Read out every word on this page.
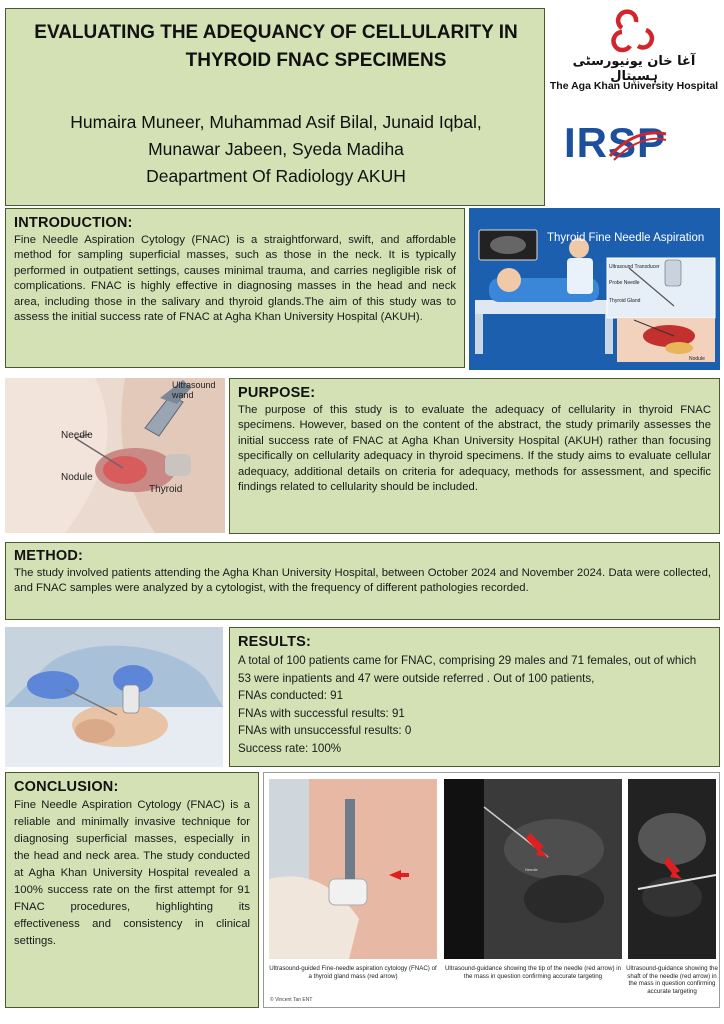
EVALUATING THE ADEQUANCY OF CELLULARITY IN
THYROID FNAC SPECIMENS
Humaira Muneer, Muhammad Asif Bilal, Junaid Iqbal,
Munawar Jabeen, Syeda Madiha
Deapartment Of Radiology AKUH
آغا خان یونیورسٹی ہسپتال
The Aga Khan University Hospital
IRSP
INTRODUCTION:
Fine Needle Aspiration Cytology (FNAC) is a straightforward, swift, and affordable method for sampling superficial masses, such as those in the neck. It is typically performed in outpatient settings, causes minimal trauma, and carries negligible risk of complications. FNAC is highly effective in diagnosing masses in the head and neck area, including those in the salivary and thyroid glands.The aim of this study was to assess the initial success rate of FNAC at Agha Khan University Hospital (AKUH).
Thyroid Fine Needle Aspiration
Ultrasound Transducer
Probe Needle
Thyroid Gland
Nodule
Ultrasound wand
Needle
Nodule
Thyroid
PURPOSE:
The purpose of this study is to evaluate the adequacy of cellularity in thyroid FNAC specimens. However, based on the content of the abstract, the study primarily assesses the initial success rate of FNAC at Agha Khan University Hospital (AKUH) rather than focusing specifically on cellularity adequacy in thyroid specimens. If the study aims to evaluate cellular adequacy, additional details on criteria for adequacy, methods for assessment, and specific findings related to cellularity should be included.
METHOD:
The study involved patients attending the Agha Khan University Hospital, between October 2024 and November 2024. Data were collected, and FNAC samples were analyzed by a cytologist, with the frequency of different pathologies recorded.
RESULTS:
A total of 100 patients came for FNAC, comprising 29 males and 71 females, out of which 53 were inpatients and 47 were outside referred . Out of 100 patients,
FNAs conducted: 91
FNAs with successful results: 91
FNAs with unsuccessful results: 0
Success rate: 100%
CONCLUSION:
Fine Needle Aspiration Cytology (FNAC) is a reliable and minimally invasive technique for diagnosing superficial masses, especially in the head and neck area. The study conducted at Agha Khan University Hospital revealed a 100% success rate on the first attempt for 91 FNAC procedures, highlighting its effectiveness and consistency in clinical settings.
Needle
Ultrasound-guided Fine-needle aspiration cytology (FNAC) of a thyroid gland mass (red arrow)
Ultrasound-guidance showing the tip of the needle (red arrow) in the mass in question confirming accurate targeting
Ultrasound-guidance showing the shaft of the needle (red arrow) in the mass in question confirming accurate targeting
© Vincent Tan ENT
